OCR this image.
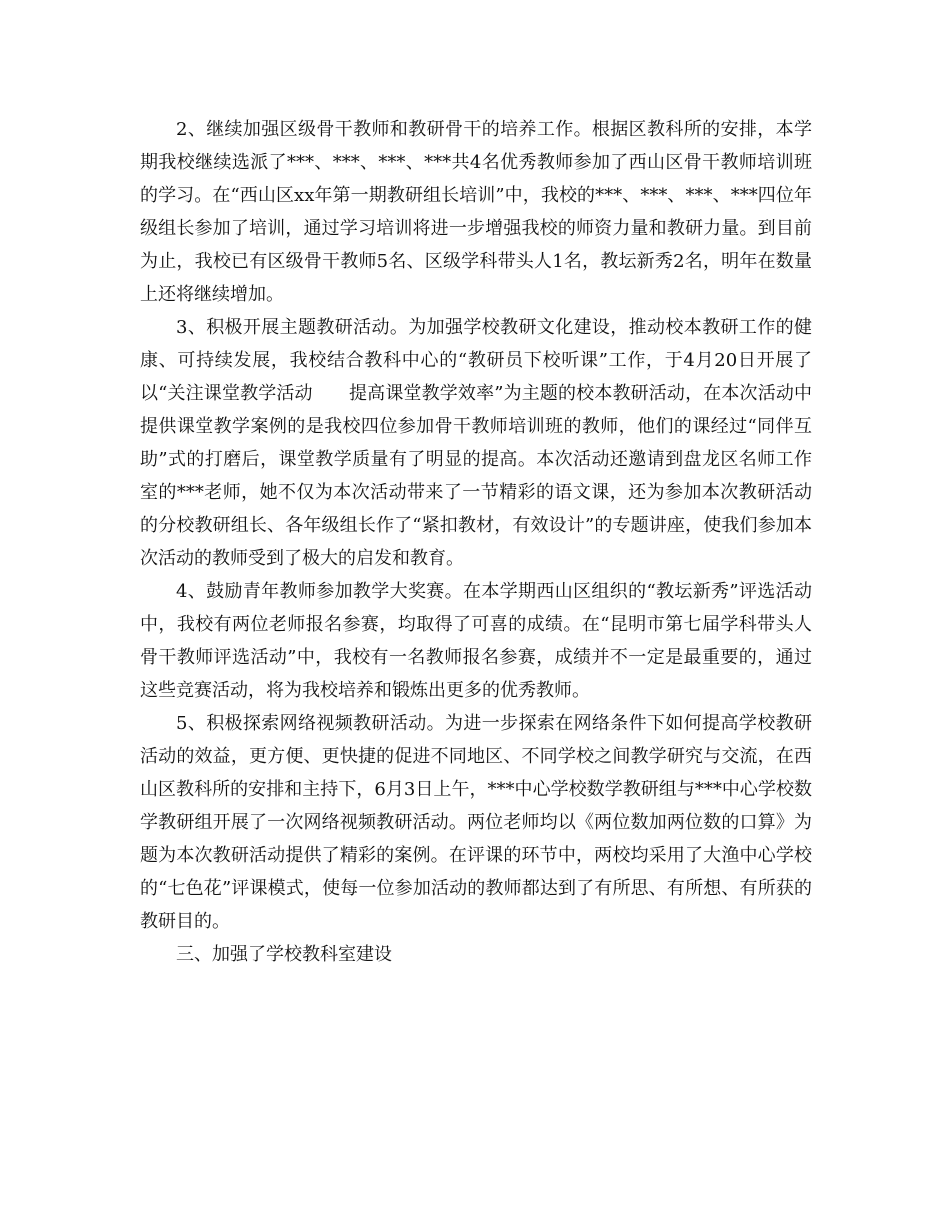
2、继续加强区级骨干教师和教研骨干的培养工作。根据区教科所的安排，本学期我校继续选派了***、***、***、***共4名优秀教师参加了西山区骨干教师培训班的学习。在“西山区xx年第一期教研组长培训”中，我校的***、***、***、***四位年级组长参加了培训，通过学习培训将进一步增强我校的师资力量和教研力量。到目前为止，我校已有区级骨干教师5名、区级学科带头人1名，教坛新秀2名，明年在数量上还将继续增加。

3、积极开展主题教研活动。为加强学校教研文化建设，推动校本教研工作的健康、可持续发展，我校结合教科中心的“教研员下校听课”工作，于4月20日开展了以“关注课堂教学活动　　提高课堂教学效率”为主题的校本教研活动，在本次活动中提供课堂教学案例的是我校四位参加骨干教师培训班的教师，他们的课经过“同伴互助”式的打磨后，课堂教学质量有了明显的提高。本次活动还邀请到盘龙区名师工作室的***老师，她不仅为本次活动带来了一节精彩的语文课，还为参加本次教研活动的分校教研组长、各年级组长作了“紧扣教材，有效设计”的专题讲座，使我们参加本次活动的教师受到了极大的启发和教育。

4、鼓励青年教师参加教学大奖赛。在本学期西山区组织的“教坛新秀”评选活动中，我校有两位老师报名参赛，均取得了可喜的成绩。在“昆明市第七届学科带头人骨干教师评选活动”中，我校有一名教师报名参赛，成绩并不一定是最重要的，通过这些竞赛活动，将为我校培养和锻炼出更多的优秀教师。

5、积极探索网络视频教研活动。为进一步探索在网络条件下如何提高学校教研活动的效益，更方便、更快捷的促进不同地区、不同学校之间教学研究与交流，在西山区教科所的安排和主持下，6月3日上午，***中心学校数学教研组与***中心学校数学教研组开展了一次网络视频教研活动。两位老师均以《两位数加两位数的口算》为题为本次教研活动提供了精彩的案例。在评课的环节中，两校均采用了大渔中心学校的“七色花”评课模式，使每一位参加活动的教师都达到了有所思、有所想、有所获的教研目的。

三、加强了学校教科室建设
